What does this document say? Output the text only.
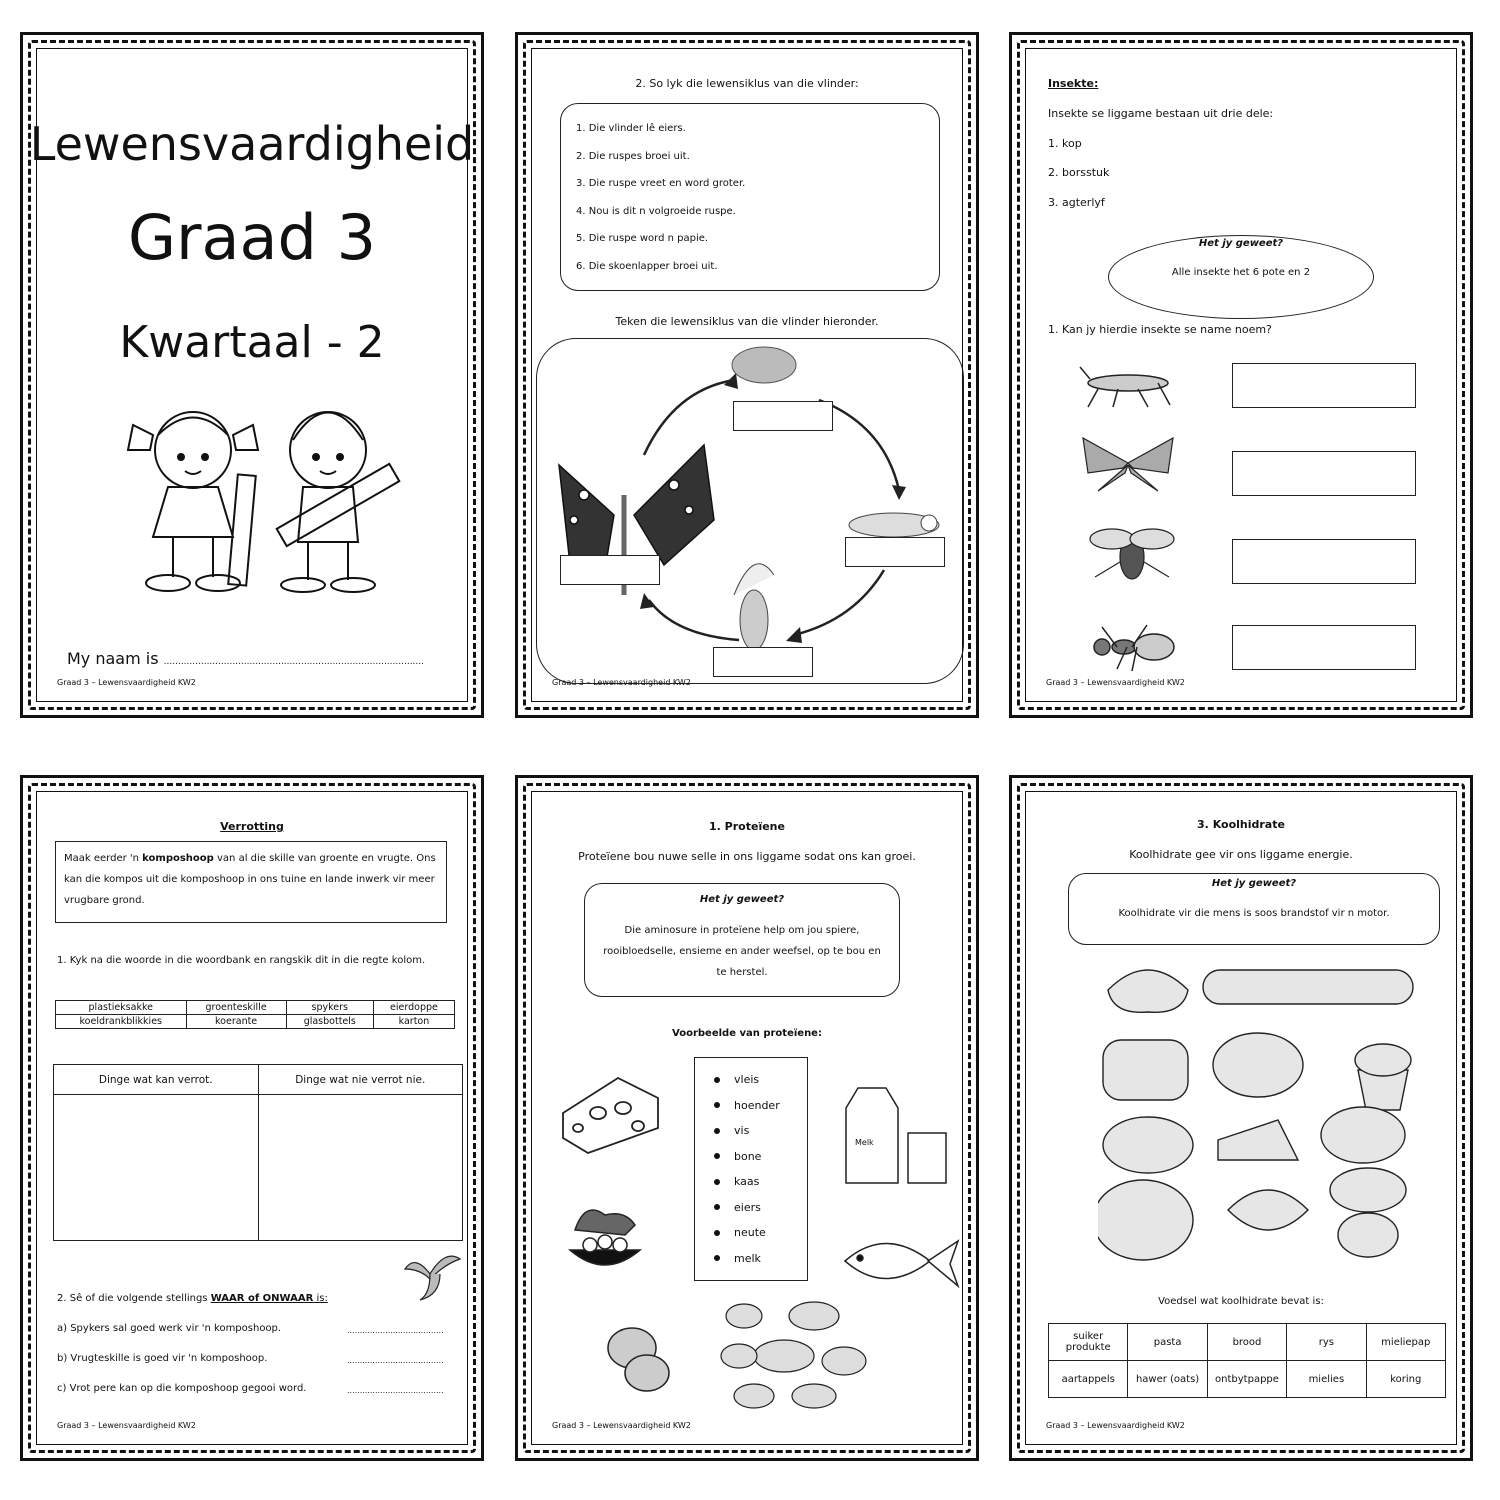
Lewensvaardigheid
Graad 3
Kwartaal - 2
My naam is ...........................................................................................
Graad 3 – Lewensvaardigheid KW2
2. So lyk die lewensiklus van die vlinder:
1. Die vlinder lê eiers.
2. Die ruspes broei uit.
3. Die ruspe vreet en word groter.
4. Nou is dit n volgroeide ruspe.
5. Die ruspe word n papie.
6. Die skoenlapper broei uit.
Teken die lewensiklus van die vlinder hieronder.
Graad 3 – Lewensvaardigheid KW2
Insekte:
Insekte se liggame bestaan uit drie dele:
1. kop
2. borsstuk
3. agterlyf
Het jy geweet?
Alle insekte het 6 pote en 2
1. Kan jy hierdie insekte se name noem?
Graad 3 – Lewensvaardigheid KW2
Verrotting
Maak eerder 'n komposhoop van al die skille van groente en vrugte. Ons kan die kompos uit die komposhoop in ons tuine en lande inwerk vir meer vrugbare grond.
1. Kyk na die woorde in die woordbank en rangskik dit in die regte kolom.
plastieksakke	groenteskille	spykers	eierdoppe
koeldrankblikkies	koerante	glasbottels	karton
Dinge wat kan verrot.	Dinge wat nie verrot nie.

2. Sê of die volgende stellings WAAR of ONWAAR is:
a) Spykers sal goed werk vir 'n komposhoop.
b) Vrugteskille is goed vir 'n komposhoop.
c) Vrot pere kan op die komposhoop gegooi word.
......................................
......................................
......................................
Graad 3 – Lewensvaardigheid KW2
1. Proteïene
Proteïene bou nuwe selle in ons liggame sodat ons kan groei.
Het jy geweet?
Die aminosure in proteïene help om jou spiere, rooibloedselle, ensieme en ander weefsel, op te bou en te herstel.
Voorbeelde van proteïene:
vleis
hoender
vis
bone
kaas
eiers
neute
melk
Melk
Graad 3 – Lewensvaardigheid KW2
3. Koolhidrate
Koolhidrate gee vir ons liggame energie.
Het jy geweet?
Koolhidrate vir die mens is soos brandstof vir n motor.
Voedsel wat koolhidrate bevat is:
suiker produkte	pasta	brood	rys	mieliepap
aartappels	hawer (oats)	ontbytpappe	mielies	koring
Graad 3 – Lewensvaardigheid KW2
